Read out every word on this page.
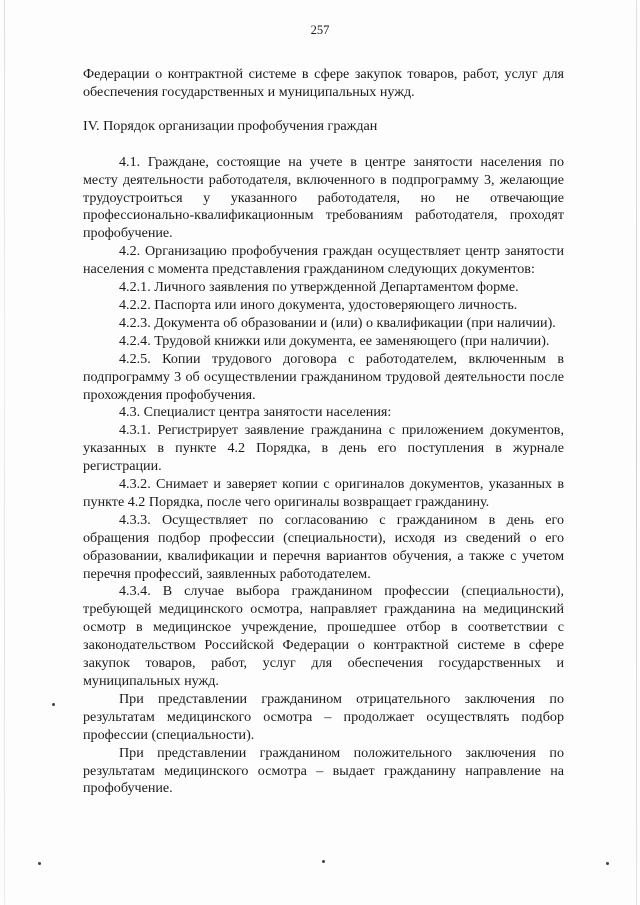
257

Федерации о контрактной системе в сфере закупок товаров, работ, услуг для обеспечения государственных и муниципальных нужд.

IV. Порядок организации профобучения граждан

4.1. Граждане, состоящие на учете в центре занятости населения по месту деятельности работодателя, включенного в подпрограмму 3, желающие трудоустроиться у указанного работодателя, но не отвечающие профессионально-квалификационным требованиям работодателя, проходят профобучение.

4.2. Организацию профобучения граждан осуществляет центр занятости населения с момента представления гражданином следующих документов:

4.2.1. Личного заявления по утвержденной Департаментом форме.

4.2.2. Паспорта или иного документа, удостоверяющего личность.

4.2.3. Документа об образовании и (или) о квалификации (при наличии).

4.2.4. Трудовой книжки или документа, ее заменяющего (при наличии).

4.2.5. Копии трудового договора с работодателем, включенным в подпрограмму 3 об осуществлении гражданином трудовой деятельности после прохождения профобучения.

4.3. Специалист центра занятости населения:

4.3.1. Регистрирует заявление гражданина с приложением документов, указанных в пункте 4.2 Порядка, в день его поступления в журнале регистрации.

4.3.2. Снимает и заверяет копии с оригиналов документов, указанных в пункте 4.2 Порядка, после чего оригиналы возвращает гражданину.

4.3.3. Осуществляет по согласованию с гражданином в день его обращения подбор профессии (специальности), исходя из сведений о его образовании, квалификации и перечня вариантов обучения, а также с учетом перечня профессий, заявленных работодателем.

4.3.4. В случае выбора гражданином профессии (специальности), требующей медицинского осмотра, направляет гражданина на медицинский осмотр в медицинское учреждение, прошедшее отбор в соответствии с законодательством Российской Федерации о контрактной системе в сфере закупок товаров, работ, услуг для обеспечения государственных и муниципальных нужд.

При представлении гражданином отрицательного заключения по результатам медицинского осмотра – продолжает осуществлять подбор профессии (специальности).

При представлении гражданином положительного заключения по результатам медицинского осмотра – выдает гражданину направление на профобучение.
